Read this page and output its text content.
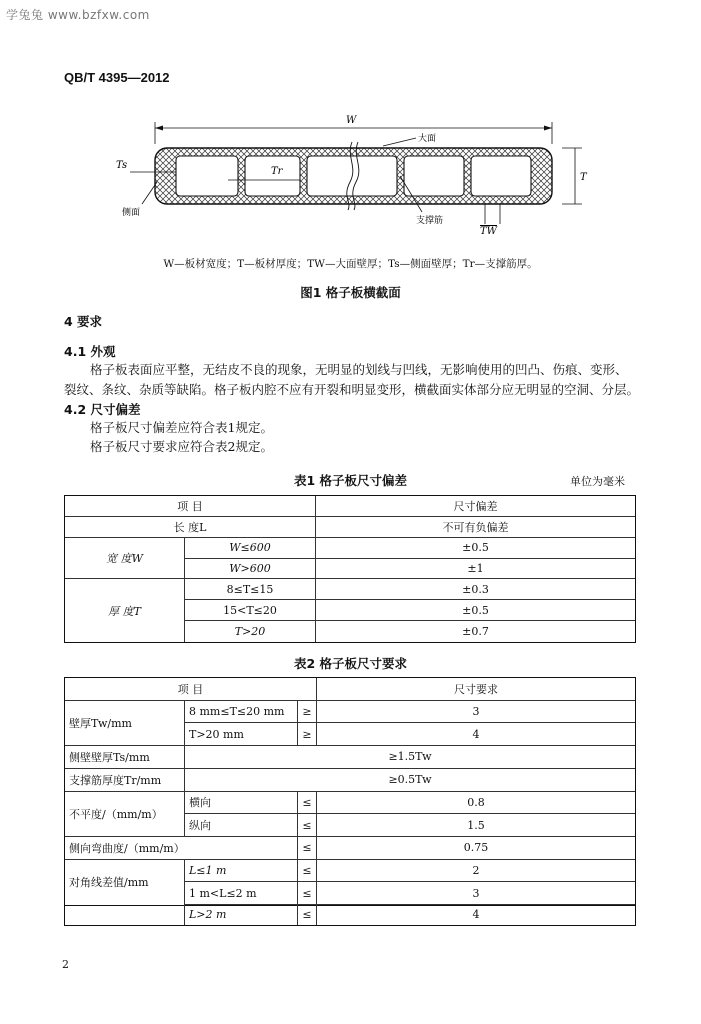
学兔兔 www.bzfxw.com
QB/T 4395—2012
W
大面
Ts
Tr
T
侧面
支撑筋
TW
W—板材宽度；T—板材厚度；TW—大面壁厚；Ts—侧面壁厚；Tr—支撑筋厚。
图1 格子板横截面
4 要求
4.1 外观
格子板表面应平整，无结皮不良的现象，无明显的划线与凹线，无影响使用的凹凸、伤痕、变形、
裂纹、条纹、杂质等缺陷。格子板内腔不应有开裂和明显变形，横截面实体部分应无明显的空洞、分层。
4.2 尺寸偏差
格子板尺寸偏差应符合表1规定。
格子板尺寸要求应符合表2规定。
表1 格子板尺寸偏差	单位为毫米
项 目	尺寸偏差
长 度L	不可有负偏差
宽 度W
W≤600	±0.5
W>600	±1
厚 度T
8≤T≤15	±0.3
15<T≤20	±0.5
T>20	±0.7
表2 格子板尺寸要求
项 目	尺寸要求
壁厚Tw/mm
8 mm≤T≤20 mm	≥	3
T>20 mm	≥	4
侧壁壁厚Ts/mm	≥1.5Tw
支撑筋厚度Tr/mm	≥0.5Tw
不平度/（mm/m）
横向	≤	0.8
纵向	≤	1.5
侧向弯曲度/（mm/m）	≤	0.75
对角线差值/mm
L≤1 m	≤	2
1 m<L≤2 m	≤	3
L>2 m	≤	4
2
